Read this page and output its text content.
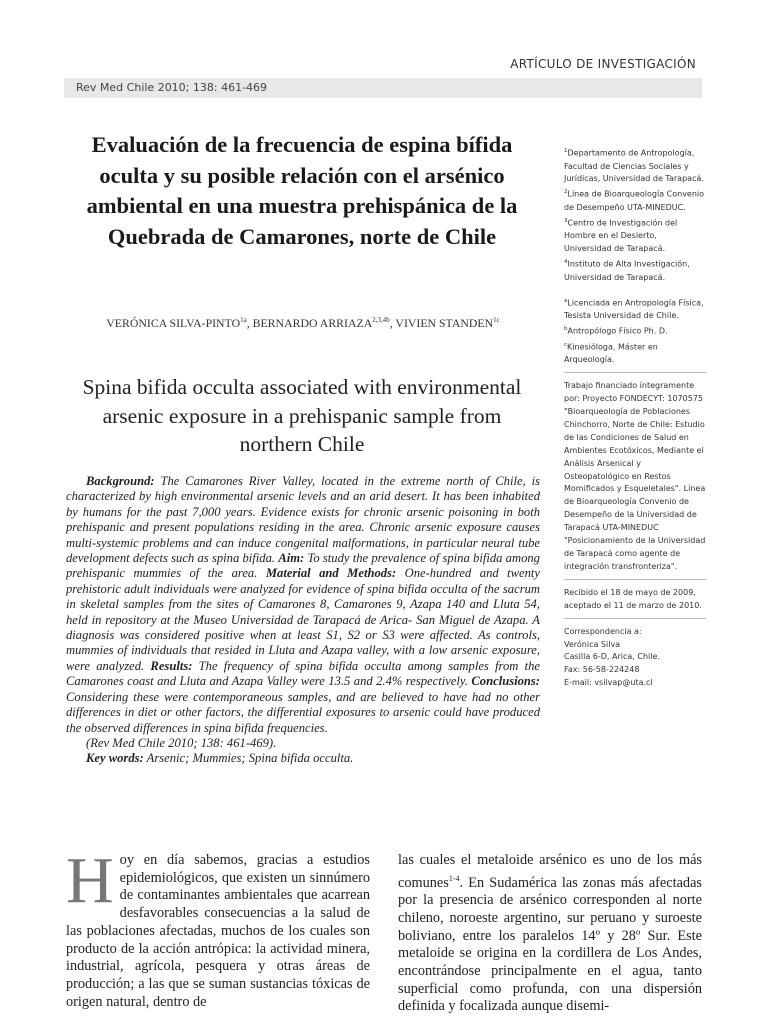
ARTÍCULO DE INVESTIGACIÓN
Rev Med Chile 2010; 138: 461-469
Evaluación de la frecuencia de espina bífida oculta y su posible relación con el arsénico ambiental en una muestra prehispánica de la Quebrada de Camarones, norte de Chile
VERÓNICA SILVA-$PINTO^{1a}$, BERNARDO $ARRIAZA^{2,3,4b}$, VIVIEN $STANDEN^{1c}$
Spina bifida occulta associated with environmental arsenic exposure in a prehispanic sample from northern Chile

Background: The Camarones River Valley, located in the extreme north of Chile, is characterized by high environmental arsenic levels and an arid desert. It has been inhabited by humans for the past 7,000 years. Evidence exists for chronic arsenic poisoning in both prehispanic and present populations residing in the area. Chronic arsenic exposure causes multi-systemic problems and can induce congenital malformations, in particular neural tube development defects such as spina bifida. Aim: To study the prevalence of spina bifida among prehispanic mummies of the area. Material and Methods: One-hundred and twenty prehistoric adult individuals were analyzed for evidence of spina bifida occulta of the sacrum in skeletal samples from the sites of Camarones 8, Camarones 9, Azapa 140 and Lluta 54, held in repository at the Museo Universidad de Tarapacá de Arica- San Miguel de Azapa. A diagnosis was considered positive when at least S1, S2 or S3 were affected. As controls, mummies of individuals that resided in Lluta and Azapa valley, with a low arsenic exposure, were analyzed. Results: The frequency of spina bifida occulta among samples from the Camarones coast and Lluta and Azapa Valley were 13.5 and 2.4% respectively. Conclusions: Considering these were contemporaneous samples, and are believed to have had no other differences in diet or other factors, the differential exposures to arsenic could have produced the observed differences in spina bifida frequencies.

(Rev Med Chile 2010; 138: 461-469).

Key words: Arsenic; Mummies; Spina bifida occulta.

$^1$Departamento de Antropología, Facultad de Ciencias Sociales y Jurídicas, Universidad de Tarapacá.

$^2$Línea de Bioarqueología Convenio de Desempeño UTA-MINEDUC.

$^3$Centro de Investigación del Hombre en el Desierto, Universidad de Tarapacá.

$^4$Instituto de Alta Investigación, Universidad de Tarapacá.

$^a$Licenciada en Antropología Física, Tesista Universidad de Chile.

$^b$Antropólogo Físico Ph. D.

$^c$Kinesióloga, Máster en Arqueología.

Trabajo financiado íntegramente por: Proyecto FONDECYT: 1070575 "Bioarqueología de Poblaciones Chinchorro, Norte de Chile: Estudio de las Condiciones de Salud en Ambientes Ecotóxicos, Mediante el Análisis Arsenical y Osteopatológico en Restos Momificados y Esqueletales". Línea de Bioarqueología Convenio de Desempeño de la Universidad de Tarapacá UTA-MINEDUC "Posicionamiento de la Universidad de Tarapacá como agente de integración transfronteriza".

Recibido el 18 de mayo de 2009, aceptado el 11 de marzo de 2010.

Correspondencia a:

Verónica Silva

Casilla 6-D, Arica, Chile.

Fax: 56-58-224248

E-mail: vsilvap@uta.cl

Hoy en día sabemos, gracias a estudios epidemiológicos, que existen un sinnúmero de contaminantes ambientales que acarrean desfavorables consecuencias a la salud de las poblaciones afectadas, muchos de los cuales son producto de la acción antrópica: la actividad minera, industrial, agrícola, pesquera y otras áreas de producción; a las que se suman sustancias tóxicas de origen natural, dentro de

las cuales el metaloide arsénico es uno de los más comunes$^{1-4}$. En Sudamérica las zonas más afectadas por la presencia de arsénico corresponden al norte chileno, noroeste argentino, sur peruano y suroeste boliviano, entre los paralelos 14º y 28º Sur. Este metaloide se origina en la cordillera de Los Andes, encontrándose principalmente en el agua, tanto superficial como profunda, con una dispersión definida y focalizada aunque disemi-
